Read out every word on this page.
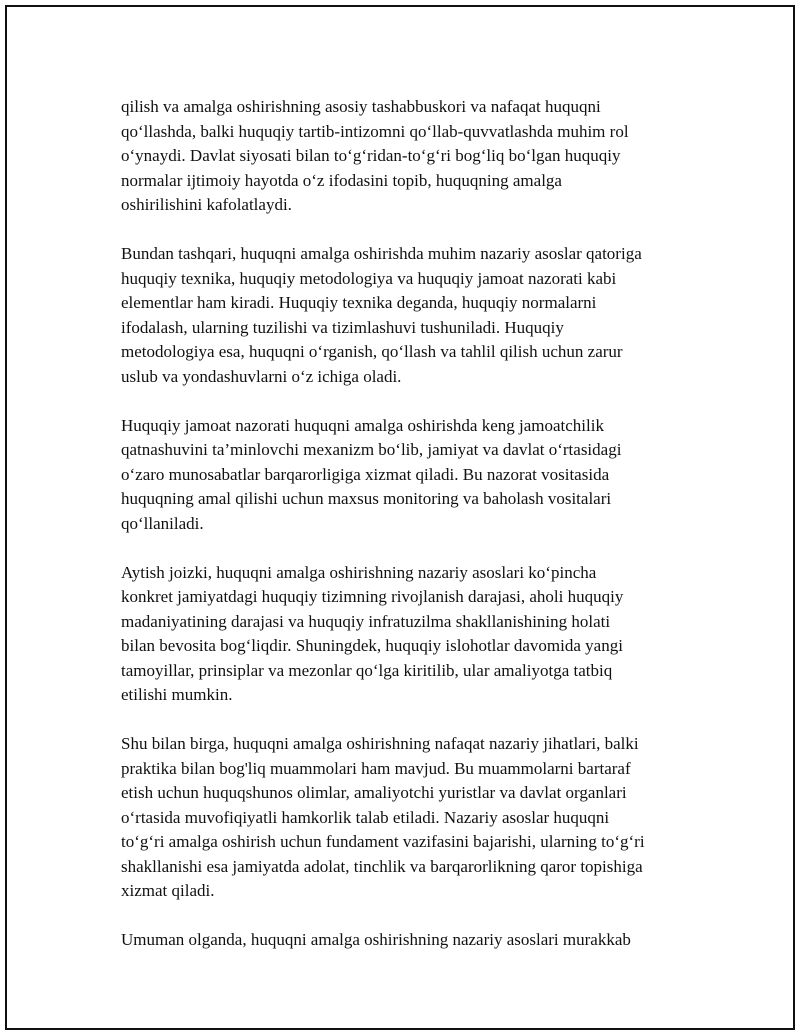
qilish va amalga oshirishning asosiy tashabbuskori va nafaqat huquqni
qo‘llashda, balki huquqiy tartib-intizomni qo‘llab-quvvatlashda muhim rol
o‘ynaydi. Davlat siyosati bilan to‘g‘ridan-to‘g‘ri bog‘liq bo‘lgan huquqiy
normalar ijtimoiy hayotda o‘z ifodasini topib, huquqning amalga
oshirilishini kafolatlaydi.

Bundan tashqari, huquqni amalga oshirishda muhim nazariy asoslar qatoriga
huquqiy texnika, huquqiy metodologiya va huquqiy jamoat nazorati kabi
elementlar ham kiradi. Huquqiy texnika deganda, huquqiy normalarni
ifodalash, ularning tuzilishi va tizimlashuvi tushuniladi. Huquqiy
metodologiya esa, huquqni o‘rganish, qo‘llash va tahlil qilish uchun zarur
uslub va yondashuvlarni o‘z ichiga oladi.

Huquqiy jamoat nazorati huquqni amalga oshirishda keng jamoatchilik
qatnashuvini ta’minlovchi mexanizm bo‘lib, jamiyat va davlat o‘rtasidagi
o‘zaro munosabatlar barqarorligiga xizmat qiladi. Bu nazorat vositasida
huquqning amal qilishi uchun maxsus monitoring va baholash vositalari
qo‘llaniladi.

Aytish joizki, huquqni amalga oshirishning nazariy asoslari ko‘pincha
konkret jamiyatdagi huquqiy tizimning rivojlanish darajasi, aholi huquqiy
madaniyatining darajasi va huquqiy infratuzilma shakllanishining holati
bilan bevosita bog‘liqdir. Shuningdek, huquqiy islohotlar davomida yangi
tamoyillar, prinsiplar va mezonlar qo‘lga kiritilib, ular amaliyotga tatbiq
etilishi mumkin.

Shu bilan birga, huquqni amalga oshirishning nafaqat nazariy jihatlari, balki
praktika bilan bog'liq muammolari ham mavjud. Bu muammolarni bartaraf
etish uchun huquqshunos olimlar, amaliyotchi yuristlar va davlat organlari
o‘rtasida muvofiqiyatli hamkorlik talab etiladi. Nazariy asoslar huquqni
to‘g‘ri amalga oshirish uchun fundament vazifasini bajarishi, ularning to‘g‘ri
shakllanishi esa jamiyatda adolat, tinchlik va barqarorlikning qaror topishiga
xizmat qiladi.

Umuman olganda, huquqni amalga oshirishning nazariy asoslari murakkab
